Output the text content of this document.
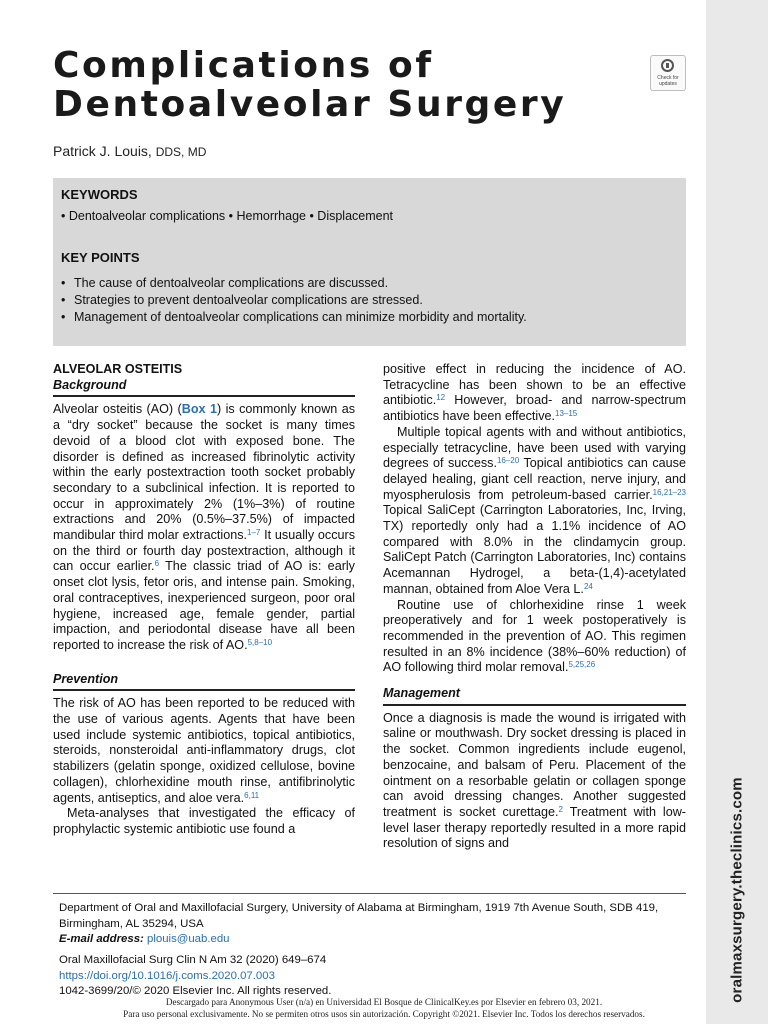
oralmaxsurgery.theclinics.com
Complications of
Dentoalveolar Surgery
Check for updates
Patrick J. Louis, DDS, MD
KEYWORDS
• Dentoalveolar complications • Hemorrhage • Displacement
KEY POINTS
• The cause of dentoalveolar complications are discussed.
• Strategies to prevent dentoalveolar complications are stressed.
• Management of dentoalveolar complications can minimize morbidity and mortality.
ALVEOLAR OSTEITIS
Background

Alveolar osteitis (AO) (Box 1) is commonly known as a “dry socket” because the socket is many times devoid of a blood clot with exposed bone. The disorder is defined as increased fibrinolytic activity within the early postextraction tooth socket probably secondary to a subclinical infection. It is reported to occur in approximately 2% (1%–3%) of routine extractions and 20% (0.5%–37.5%) of impacted mandibular third molar extractions.$^{1-7}$ It usually occurs on the third or fourth day postextraction, although it can occur earlier.$^6$ The classic triad of AO is: early onset clot lysis, fetor oris, and intense pain. Smoking, oral contraceptives, inexperienced surgeon, poor oral hygiene, increased age, female gender, partial impaction, and periodontal disease have all been reported to increase the risk of AO.$^{5,8-10}$

Prevention

The risk of AO has been reported to be reduced with the use of various agents. Agents that have been used include systemic antibiotics, topical antibiotics, steroids, nonsteroidal anti-inflammatory drugs, clot stabilizers (gelatin sponge, oxidized cellulose, bovine collagen), chlorhexidine mouth rinse, antifibrinolytic agents, antiseptics, and aloe vera.$^{6,11}$

Meta-analyses that investigated the efficacy of prophylactic systemic antibiotic use found a

positive effect in reducing the incidence of AO. Tetracycline has been shown to be an effective antibiotic.$^{12}$ However, broad- and narrow-spectrum antibiotics have been effective.$^{13-15}$

Multiple topical agents with and without antibiotics, especially tetracycline, have been used with varying degrees of success.$^{16-20}$ Topical antibiotics can cause delayed healing, giant cell reaction, nerve injury, and myospherulosis from petroleum-based carrier.$^{16,21-23}$ Topical SaliCept (Carrington Laboratories, Inc, Irving, TX) reportedly only had a 1.1% incidence of AO compared with 8.0% in the clindamycin group. SaliCept Patch (Carrington Laboratories, Inc) contains Acemannan Hydrogel, a beta-(1,4)-acetylated mannan, obtained from Aloe Vera L.$^{24}$

Routine use of chlorhexidine rinse 1 week preoperatively and for 1 week postoperatively is recommended in the prevention of AO. This regimen resulted in an 8% incidence (38%–60% reduction) of AO following third molar removal.$^{5,25,26}$

Management

Once a diagnosis is made the wound is irrigated with saline or mouthwash. Dry socket dressing is placed in the socket. Common ingredients include eugenol, benzocaine, and balsam of Peru. Placement of the ointment on a resorbable gelatin or collagen sponge can avoid dressing changes. Another suggested treatment is socket curettage.$^2$ Treatment with low-level laser therapy reportedly resulted in a more rapid resolution of signs and

Department of Oral and Maxillofacial Surgery, University of Alabama at Birmingham, 1919 7th Avenue South, SDB 419, Birmingham, AL 35294, USA
E-mail address: plouis@uab.edu
Oral Maxillofacial Surg Clin N Am 32 (2020) 649–674
https://doi.org/10.1016/j.coms.2020.07.003
1042-3699/20/© 2020 Elsevier Inc. All rights reserved.
Descargado para Anonymous User (n/a) en Universidad El Bosque de ClinicalKey.es por Elsevier en febrero 03, 2021.
Para uso personal exclusivamente. No se permiten otros usos sin autorización. Copyright ©2021. Elsevier Inc. Todos los derechos reservados.
